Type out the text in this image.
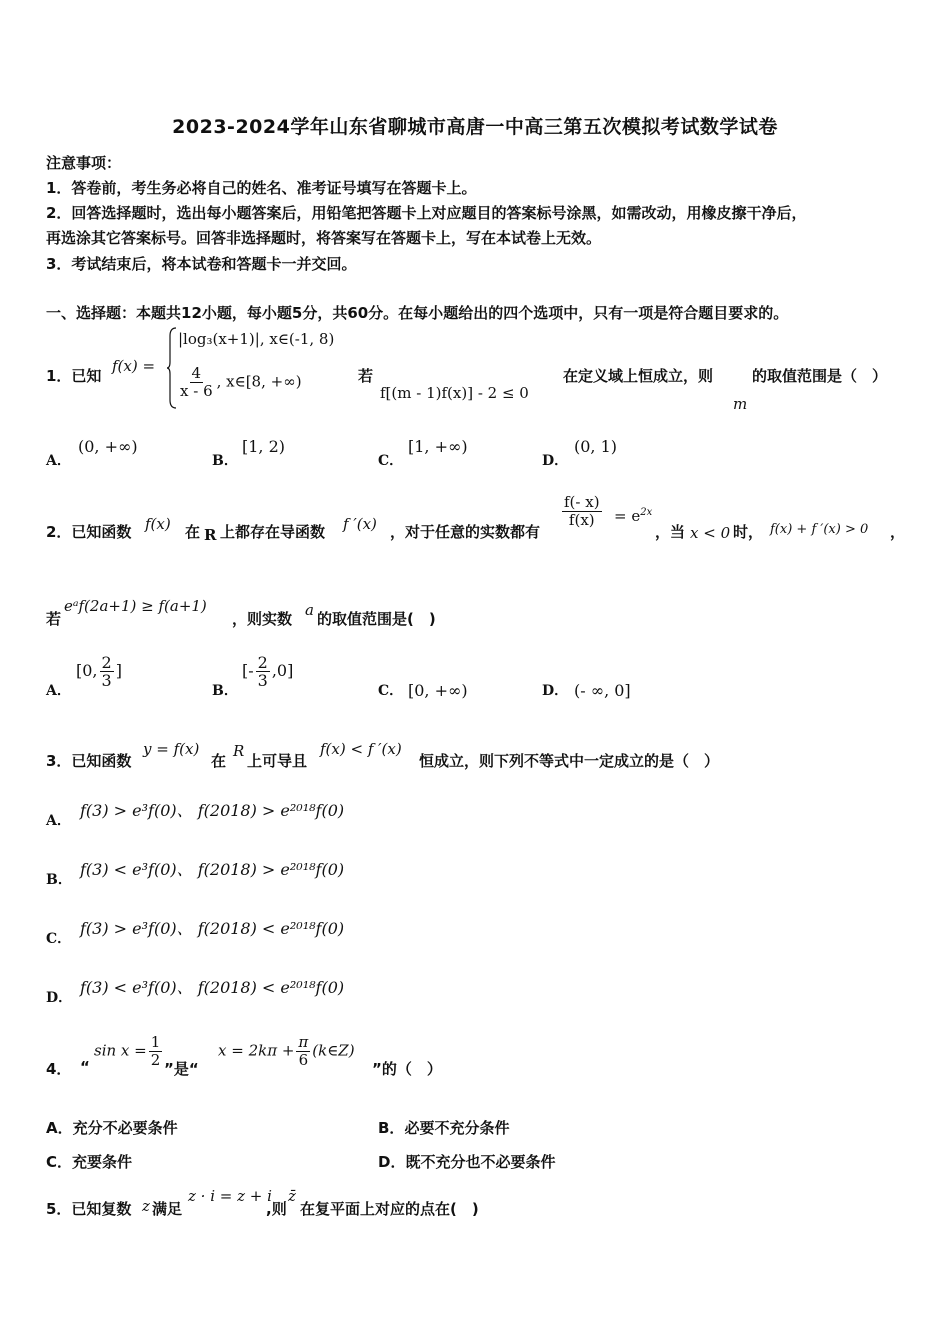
2023-2024学年山东省聊城市高唐一中高三第五次模拟考试数学试卷
注意事项：
1．答卷前，考生务必将自己的姓名、准考证号填写在答题卡上。
2．回答选择题时，选出每小题答案后，用铅笔把答题卡上对应题目的答案标号涂黑，如需改动，用橡皮擦干净后，
再选涂其它答案标号。回答非选择题时，将答案写在答题卡上，写在本试卷上无效。
3．考试结束后，将本试卷和答题卡一并交回。
一、选择题：本题共12小题，每小题5分，共60分。在每小题给出的四个选项中，只有一项是符合题目要求的。
1．已知
f(x) =
|log₃(x+1)|, x∈(-1, 8)
$\frac{4}{x - 6}$ , x∈[8, +∞)	若
f[(m - 1)f(x)] - 2 ≤ 0
在定义域上恒成立，则
m
的取值范围是（　）
A．
(0, +∞)
B．
[1, 2)
C．
[1, +∞)
D．
(0, 1)
2．已知函数 f(x) 在 R 上都存在导函数 f ′(x) ，对于任意的实数都有
$\frac{f(- x)}{f(x)} = e^{2x}$
，当 x < 0 时， f(x) + f ′(x) > 0 ，
若
eᵃf(2a+1) ≥ f(a+1)
，则实数 a 的取值范围是(　)
A．
[0, $\frac{2}{3}$ ]
B．
[- $\frac{2}{3} ,0$]
C． [0, +∞)	D． (- ∞, 0]
3．已知函数
y = f(x)
在
R
上可导且
f(x) < f ′(x)
恒成立，则下列不等式中一定成立的是（　）
A．
f(3) > e³f(0)、 f(2018) > e²⁰¹⁸f(0)
B．
f(3) < e³f(0)、 f(2018) > e²⁰¹⁸f(0)
C．
f(3) > e³f(0)、 f(2018) < e²⁰¹⁸f(0)
D．
f(3) < e³f(0)、 f(2018) < e²⁰¹⁸f(0)
4． “
$\sin x = \frac{1}{2}$ ”是“
$x = 2k\pi + \frac{\pi}{6}$ (k∈Z)
”的（　）
A．充分不必要条件	B．必要不充分条件
C．充要条件	D．既不充分也不必要条件
5．已知复数 z 满足
z · i = z + i
,则
z̄
在复平面上对应的点在(　)
